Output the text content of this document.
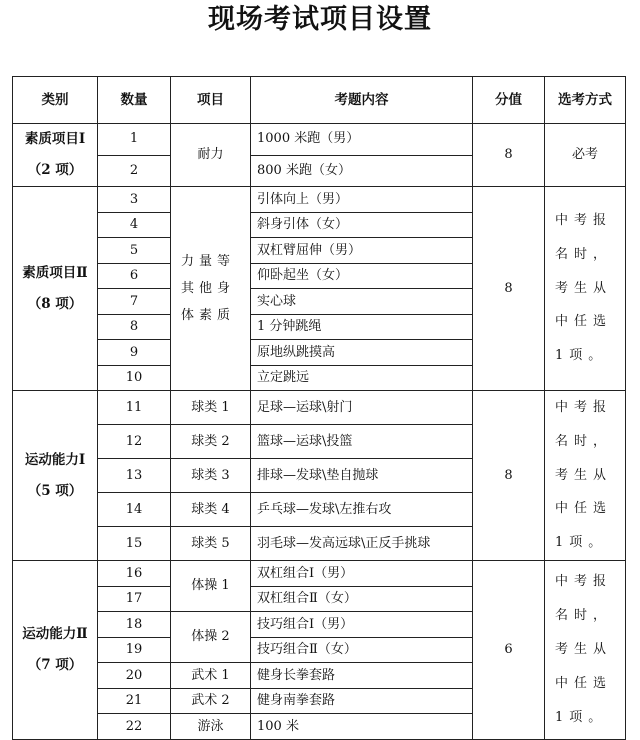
现场考试项目设置
类别	数量	项目	考题内容	分值	选考方式

素质项目Ⅰ
（2 项）	1	耐力	1000 米跑（男）	8	必考
	2		800 米跑（女）		

素质项目Ⅱ
（8 项）	3	力量等其他身体素质	引体向上（男）	8	中考报名时，考生从中任选1项。
	4		斜身引体（女）		
	5		双杠臂屈伸（男）		
	6		仰卧起坐（女）		
	7		实心球		
	8		1 分钟跳绳		
	9		原地纵跳摸高		
	10		立定跳远		

运动能力Ⅰ
（5 项）	11	球类 1	足球—运球\射门	8	中考报名时，考生从中任选1项。
	12	球类 2	篮球—运球\投篮		
	13	球类 3	排球—发球\垫自抛球		
	14	球类 4	乒乓球—发球\左推右攻		
	15	球类 5	羽毛球—发高远球\正反手挑球		

运动能力Ⅱ
（7 项）	16	体操 1	双杠组合Ⅰ（男）	6	中考报名时，考生从中任选1项。
	17		双杠组合Ⅱ（女）		
	18	体操 2	技巧组合Ⅰ（男）		
	19		技巧组合Ⅱ（女）		
	20	武术 1	健身长拳套路		
	21	武术 2	健身南拳套路		
	22	游泳	100 米		
